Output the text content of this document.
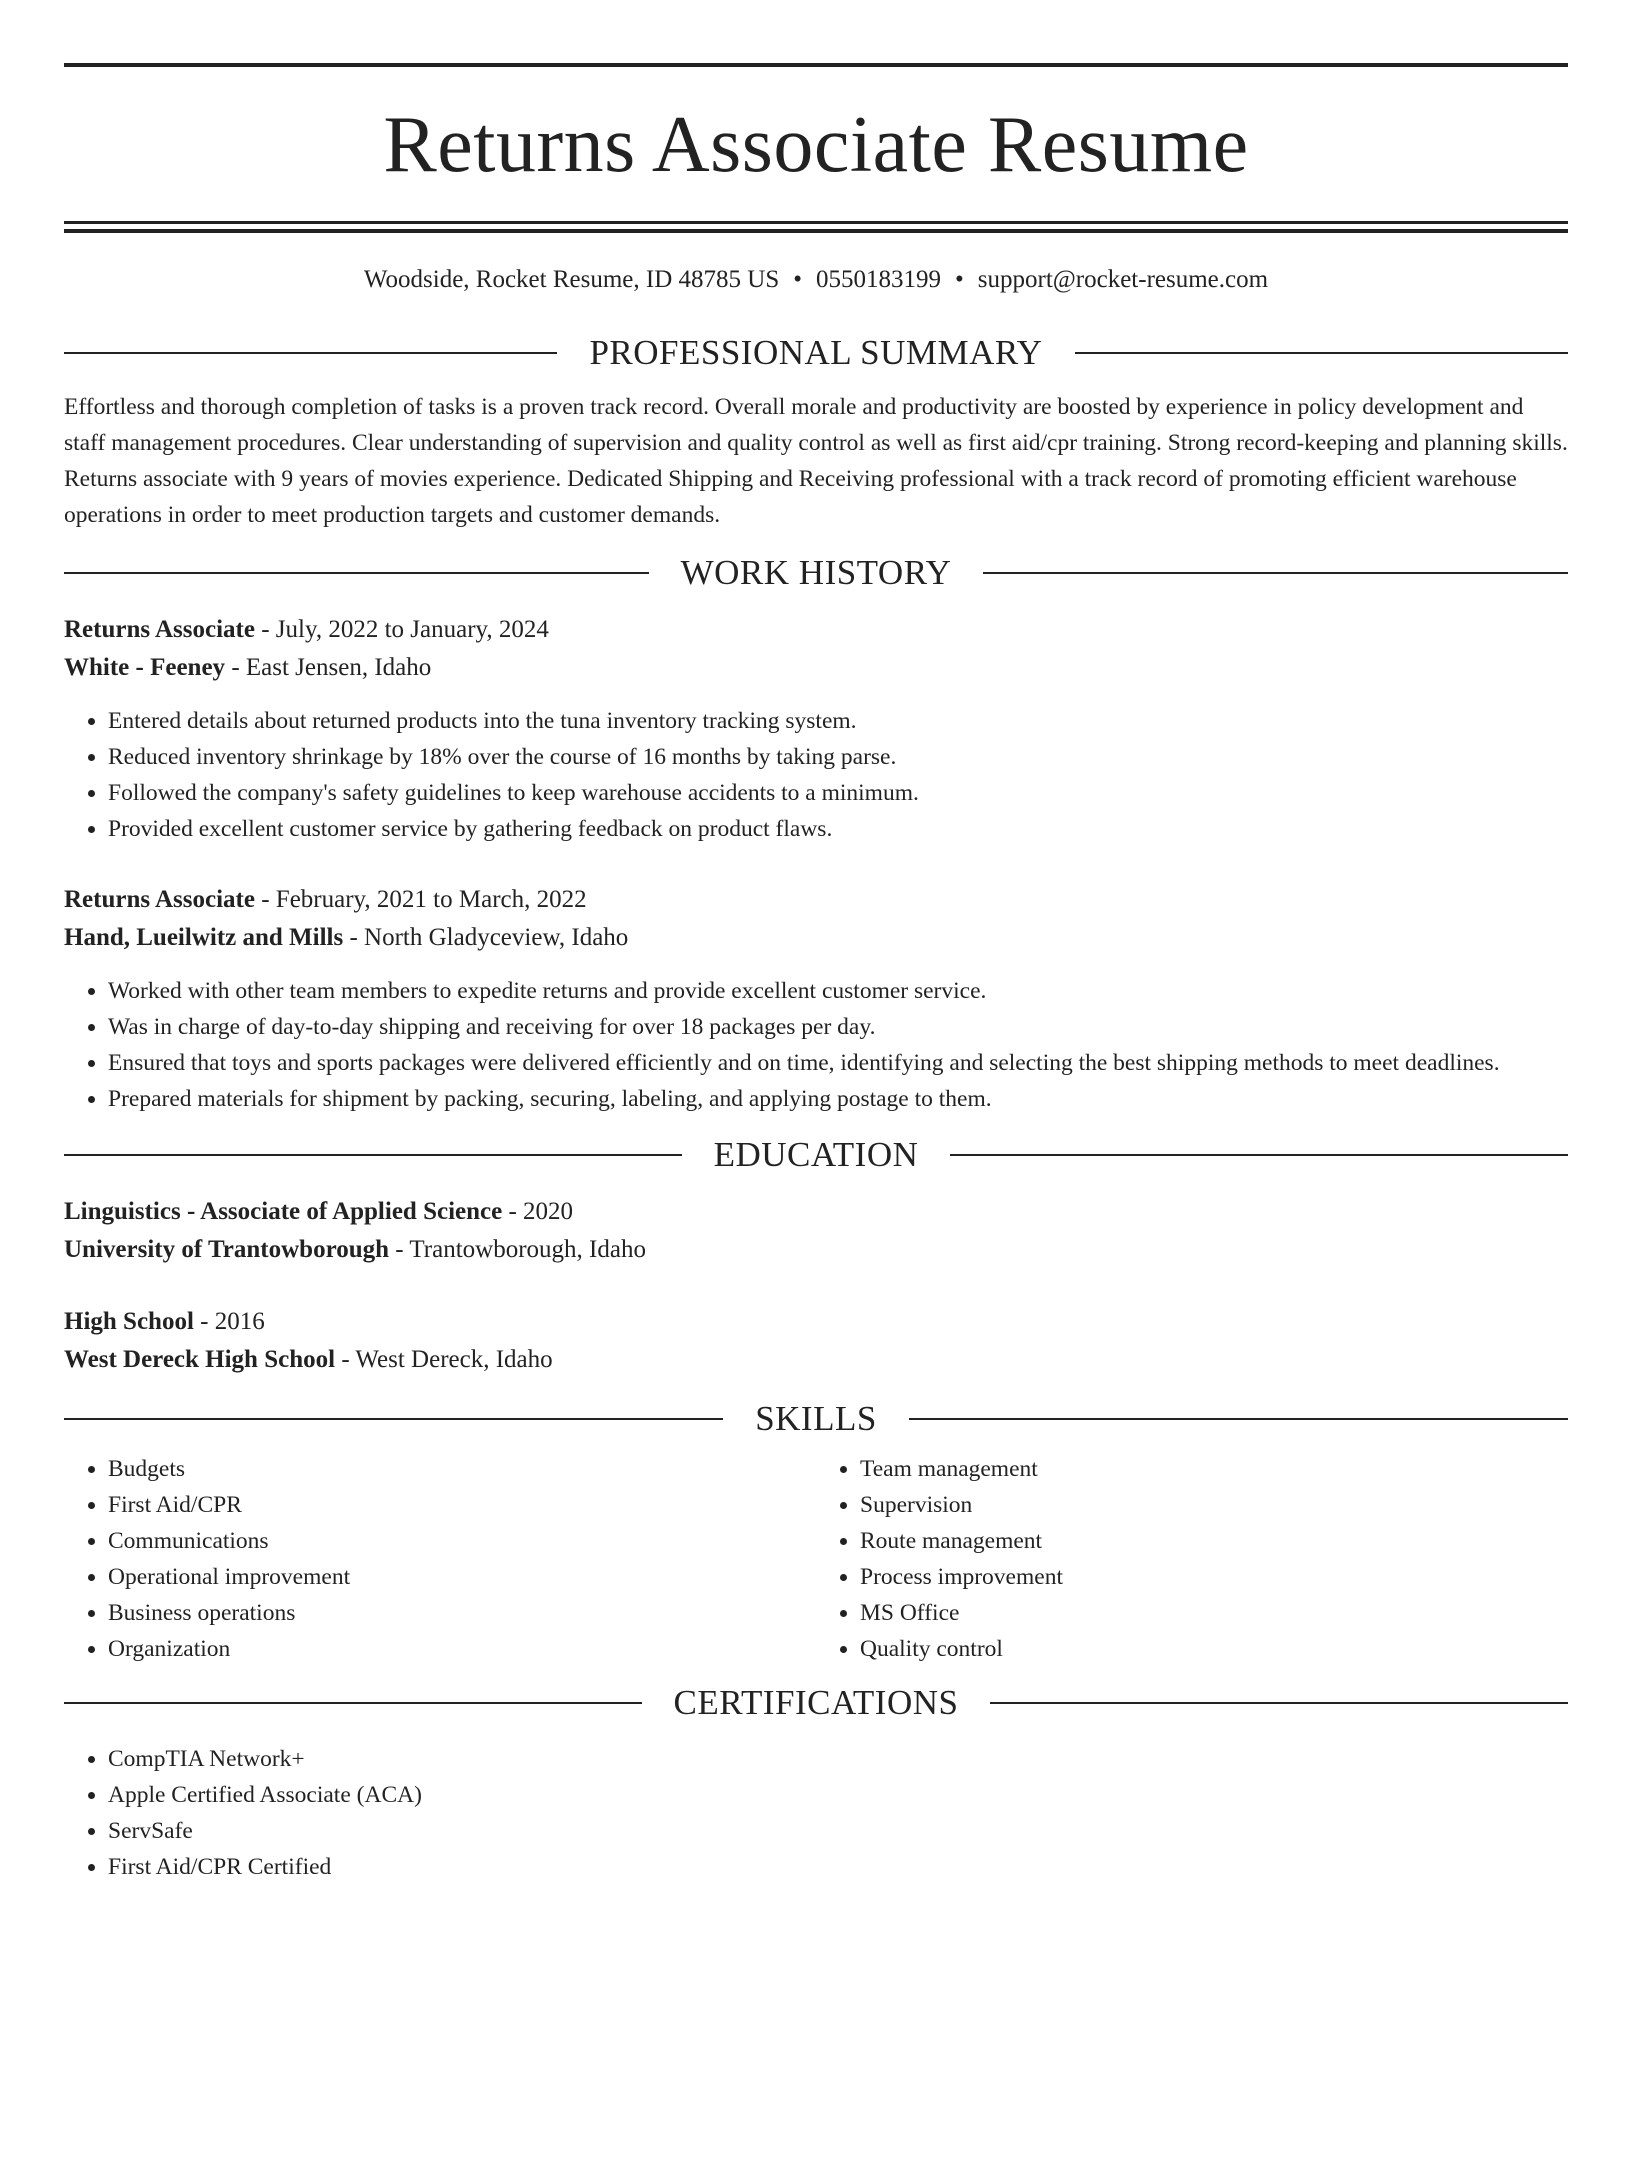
Returns Associate Resume
Woodside, Rocket Resume, ID 48785 US • 0550183199 • support@rocket-resume.com
PROFESSIONAL SUMMARY
Effortless and thorough completion of tasks is a proven track record. Overall morale and productivity are boosted by experience in policy development and staff management procedures. Clear understanding of supervision and quality control as well as first aid/cpr training. Strong record-keeping and planning skills. Returns associate with 9 years of movies experience. Dedicated Shipping and Receiving professional with a track record of promoting efficient warehouse operations in order to meet production targets and customer demands.
WORK HISTORY
Returns Associate - July, 2022 to January, 2024
White - Feeney - East Jensen, Idaho
• Entered details about returned products into the tuna inventory tracking system.
• Reduced inventory shrinkage by 18% over the course of 16 months by taking parse.
• Followed the company's safety guidelines to keep warehouse accidents to a minimum.
• Provided excellent customer service by gathering feedback on product flaws.
Returns Associate - February, 2021 to March, 2022
Hand, Lueilwitz and Mills - North Gladyceview, Idaho
• Worked with other team members to expedite returns and provide excellent customer service.
• Was in charge of day-to-day shipping and receiving for over 18 packages per day.
• Ensured that toys and sports packages were delivered efficiently and on time, identifying and selecting the best shipping methods to meet deadlines.
• Prepared materials for shipment by packing, securing, labeling, and applying postage to them.
EDUCATION
Linguistics - Associate of Applied Science - 2020
University of Trantowborough - Trantowborough, Idaho
High School - 2016
West Dereck High School - West Dereck, Idaho
SKILLS
• Budgets
• First Aid/CPR
• Communications
• Operational improvement
• Business operations
• Organization
• Team management
• Supervision
• Route management
• Process improvement
• MS Office
• Quality control
CERTIFICATIONS
• CompTIA Network+
• Apple Certified Associate (ACA)
• ServSafe
• First Aid/CPR Certified
